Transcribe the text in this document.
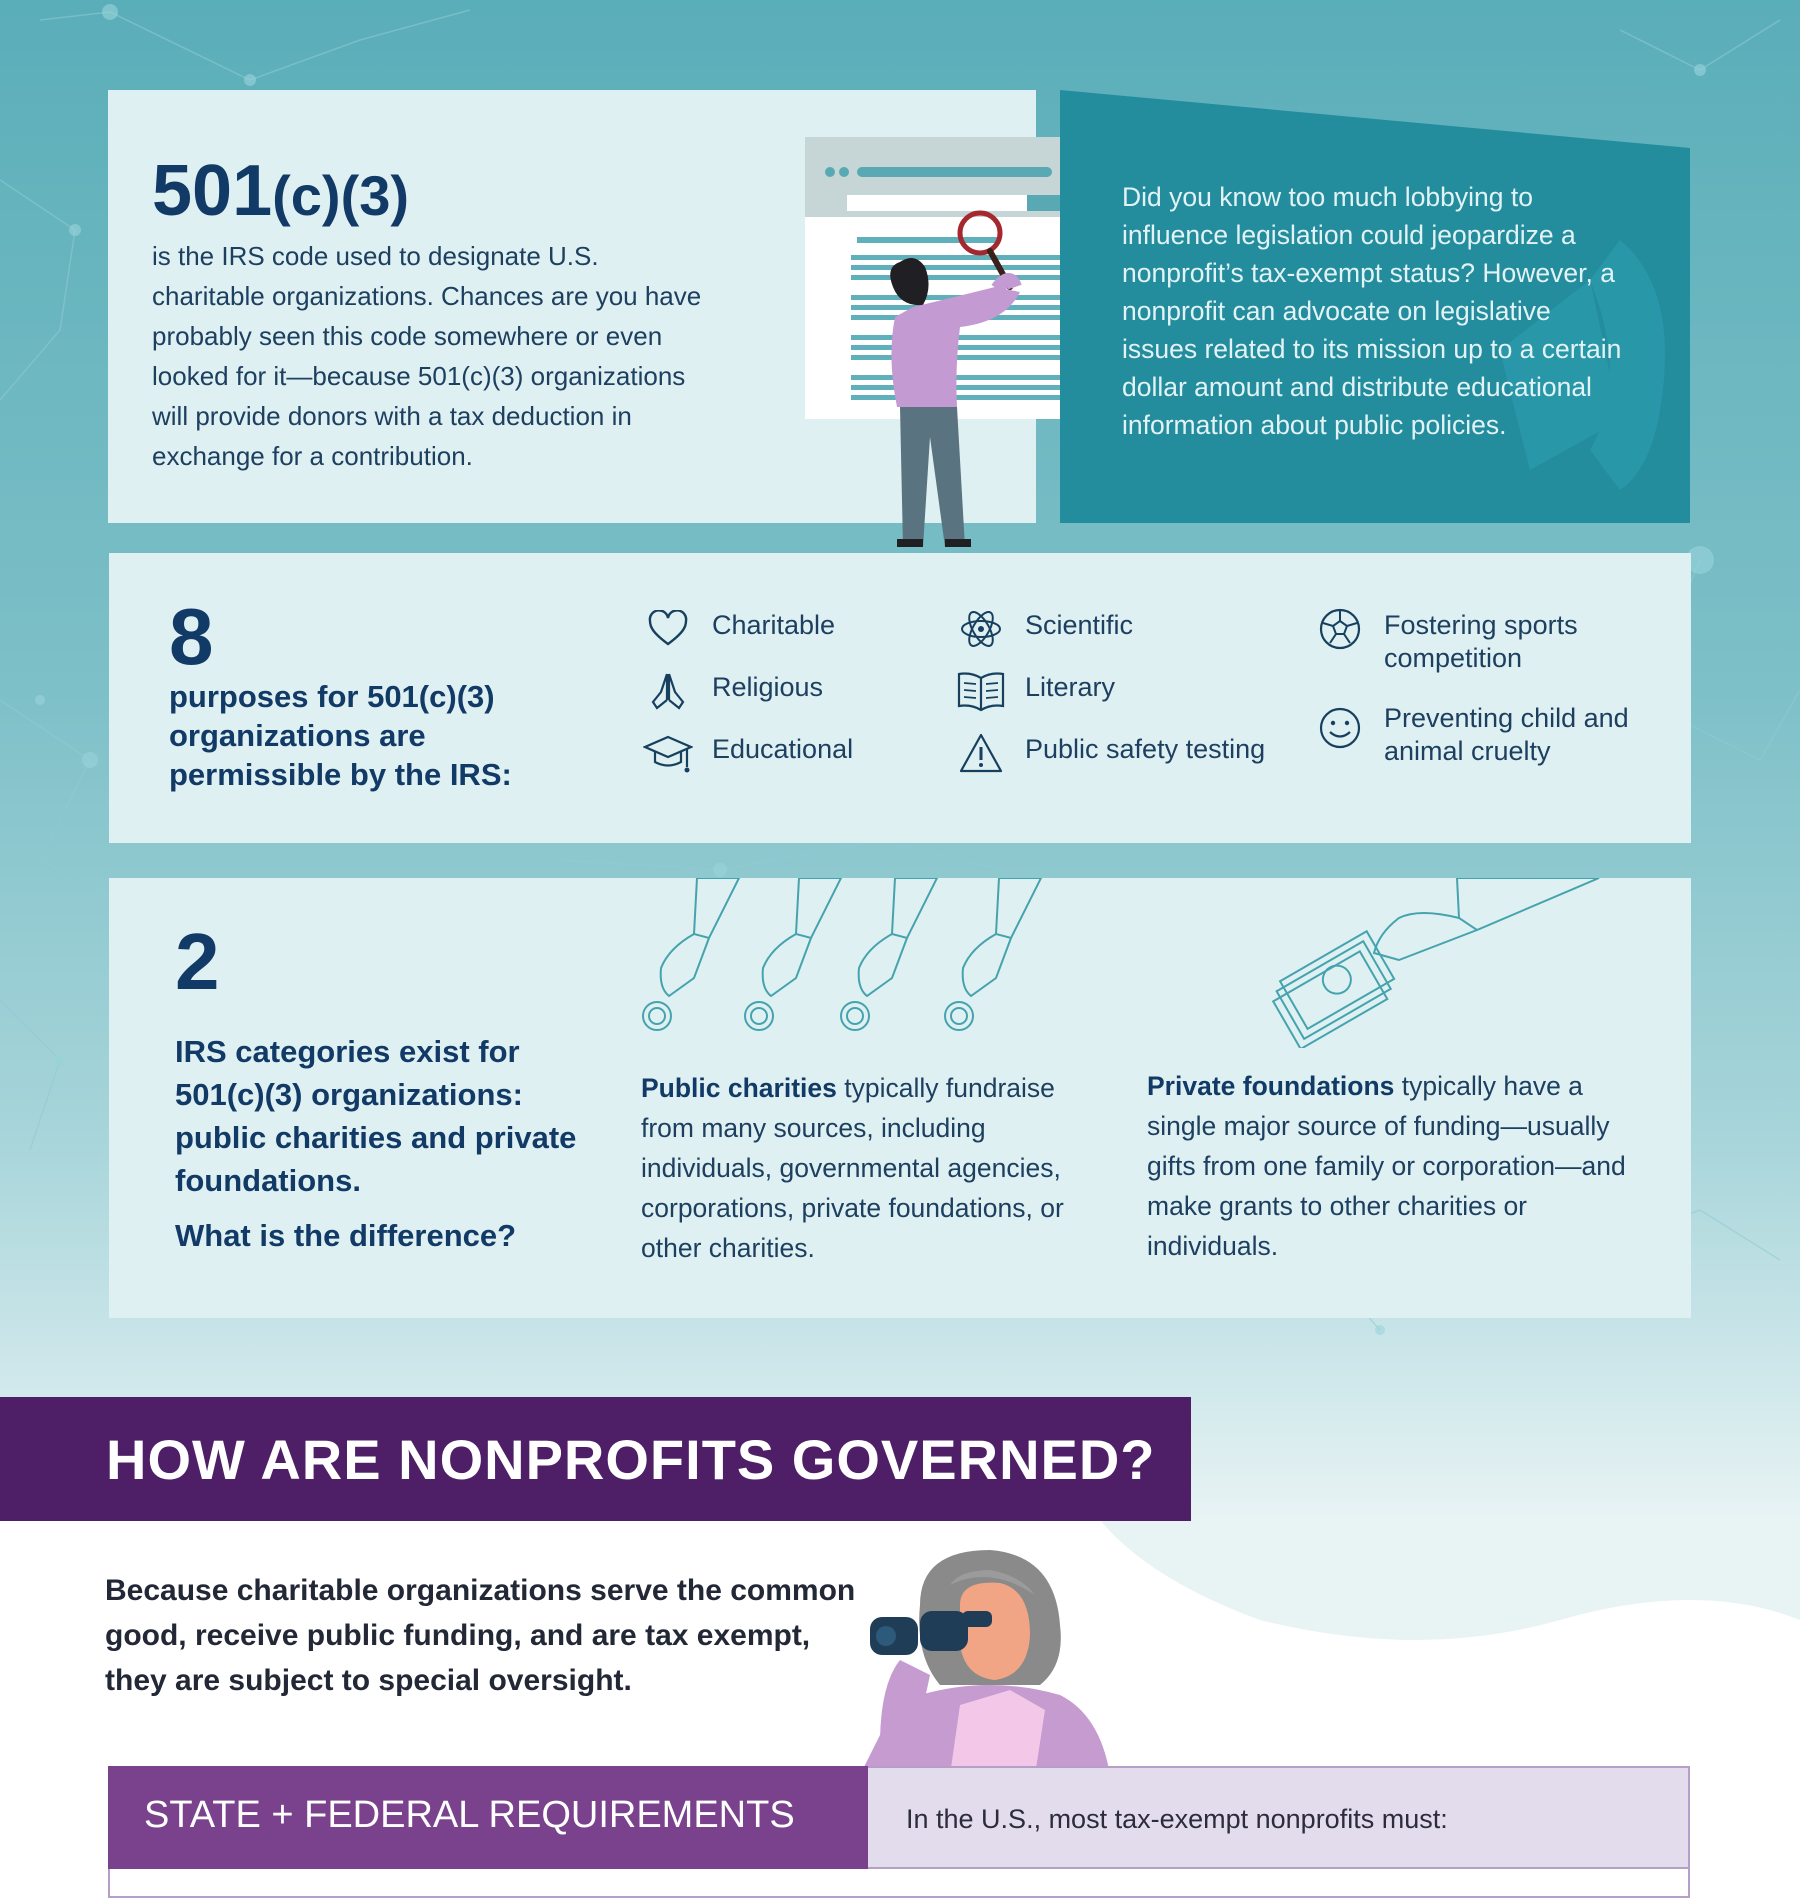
501(c)(3)
is the IRS code used to designate U.S. charitable organizations. Chances are you have probably seen this code somewhere or even looked for it—because 501(c)(3) organizations will provide donors with a tax deduction in exchange for a contribution.
Did you know too much lobbying to influence legislation could jeopardize a nonprofit’s tax-exempt status? However, a nonprofit can advocate on legislative issues related to its mission up to a certain dollar amount and distribute educational information about public policies.
8
purposes for 501(c)(3) organizations are permissible by the IRS:
Charitable
Religious
Educational
Scientific
Literary
Public safety testing
Fostering sports competition
Preventing child and animal cruelty
2
IRS categories exist for 501(c)(3) organizations: public charities and private foundations.
What is the difference?
Public charities typically fundraise from many sources, including individuals, governmental agencies, corporations, private foundations, or other charities.
Private foundations typically have a single major source of funding—usually gifts from one family or corporation—and make grants to other charities or individuals.
HOW ARE NONPROFITS GOVERNED?
Because charitable organizations serve the common good, receive public funding, and are tax exempt, they are subject to special oversight.
STATE + FEDERAL REQUIREMENTS	In the U.S., most tax-exempt nonprofits must:
